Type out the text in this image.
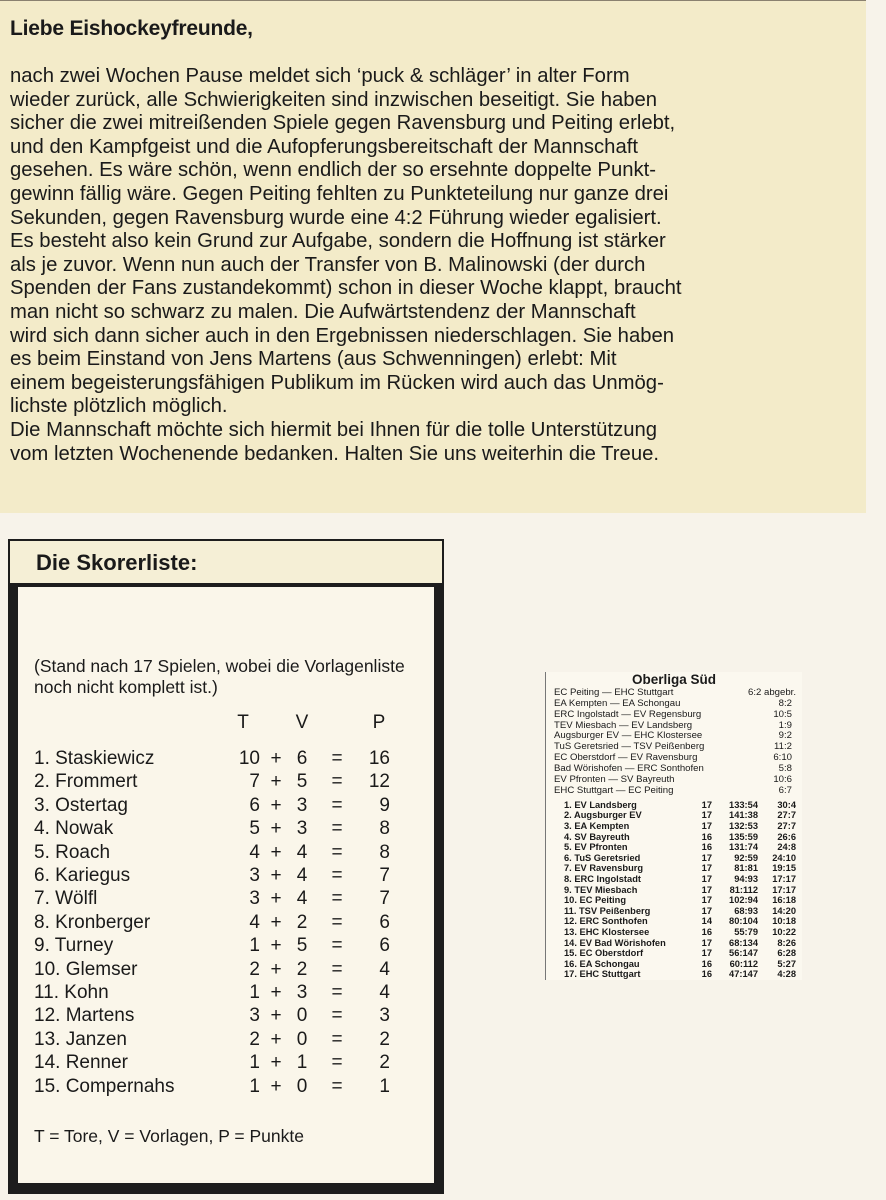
Liebe Eishockeyfreunde,
nach zwei Wochen Pause meldet sich ‘puck & schläger’ in alter Form
wieder zurück, alle Schwierigkeiten sind inzwischen beseitigt. Sie haben
sicher die zwei mitreißenden Spiele gegen Ravensburg und Peiting erlebt,
und den Kampfgeist und die Aufopferungsbereitschaft der Mannschaft
gesehen. Es wäre schön, wenn endlich der so ersehnte doppelte Punkt-
gewinn fällig wäre. Gegen Peiting fehlten zu Punkteteilung nur ganze drei
Sekunden, gegen Ravensburg wurde eine 4:2 Führung wieder egalisiert.
Es besteht also kein Grund zur Aufgabe, sondern die Hoffnung ist stärker
als je zuvor. Wenn nun auch der Transfer von B. Malinowski (der durch
Spenden der Fans zustandekommt) schon in dieser Woche klappt, braucht
man nicht so schwarz zu malen. Die Aufwärtstendenz der Mannschaft
wird sich dann sicher auch in den Ergebnissen niederschlagen. Sie haben
es beim Einstand von Jens Martens (aus Schwenningen) erlebt: Mit
einem begeisterungsfähigen Publikum im Rücken wird auch das Unmög-
lichste plötzlich möglich.
Die Mannschaft möchte sich hiermit bei Ihnen für die tolle Unterstützung
vom letzten Wochenende bedanken. Halten Sie uns weiterhin die Treue.
Die Skorerliste:
(Stand nach 17 Spielen, wobei die Vorlagenliste noch nicht komplett ist.)
T	V	P
1. Staskiewicz	10 + 6 =	16
2. Frommert	7 + 5 =	12
3. Ostertag	6 + 3 =	9
4. Nowak	5 + 3 =	8
5. Roach	4 + 4 =	8
6. Kariegus	3 + 4 =	7
7. Wölfl	3 + 4 =	7
8. Kronberger	4 + 2 =	6
9. Turney	1 + 5 =	6
10. Glemser	2 + 2 =	4
11. Kohn	1 + 3 =	4
12. Martens	3 + 0 =	3
13. Janzen	2 + 0 =	2
14. Renner	1 + 1 =	2
15. Compernahs	1 + 0 =	1
T = Tore, V = Vorlagen, P = Punkte
Oberliga Süd
EC Peiting — EHC Stuttgart	6:2 abgebr.
EA Kempten — EA Schongau	8:2
ERC Ingolstadt — EV Regensburg	10:5
TEV Miesbach — EV Landsberg	1:9
Augsburger EV — EHC Klostersee	9:2
TuS Geretsried — TSV Peißenberg	11:2
EC Oberstdorf — EV Ravensburg	6:10
Bad Wörishofen — ERC Sonthofen	5:8
EV Pfronten — SV Bayreuth	10:6
EHC Stuttgart — EC Peiting	6:7
1. EV Landsberg	17	133:54	30:4
2. Augsburger EV	17	141:38	27:7
3. EA Kempten	17	132:53	27:7
4. SV Bayreuth	16	135:59	26:6
5. EV Pfronten	16	131:74	24:8
6. TuS Geretsried	17	92:59	24:10
7. EV Ravensburg	17	81:81	19:15
8. ERC Ingolstadt	17	94:93	17:17
9. TEV Miesbach	17	81:112	17:17
10. EC Peiting	17	102:94	16:18
11. TSV Peißenberg	17	68:93	14:20
12. ERC Sonthofen	14	80:104	10:18
13. EHC Klostersee	16	55:79	10:22
14. EV Bad Wörishofen	17	68:134	8:26
15. EC Oberstdorf	17	56:147	6:28
16. EA Schongau	16	60:112	5:27
17. EHC Stuttgart	16	47:147	4:28
